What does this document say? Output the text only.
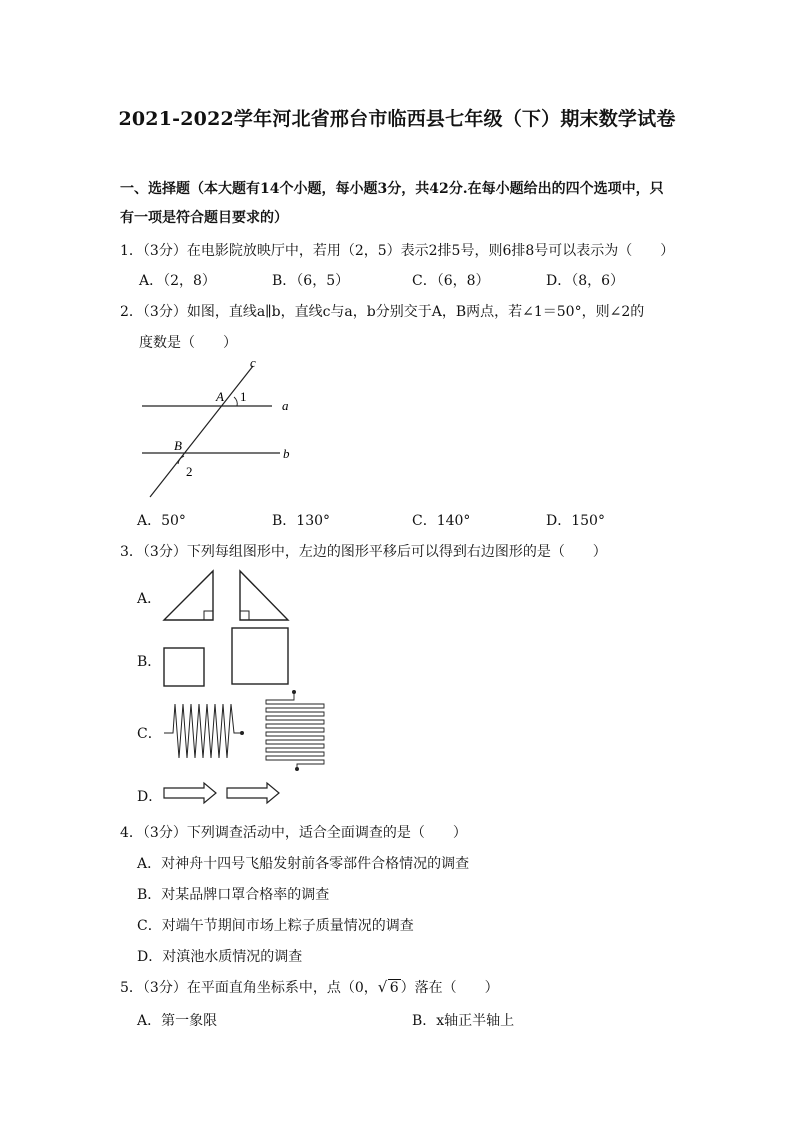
2021-2022学年河北省邢台市临西县七年级（下）期末数学试卷
一、选择题（本大题有14个小题，每小题3分，共42分.在每小题给出的四个选项中，只
有一项是符合题目要求的）
1．（3分）在电影院放映厅中，若用（2，5）表示2排5号，则6排8号可以表示为（　　）
A．（2，8）	B．（6，5）	C．（6，8）	D．（8，6）
2．（3分）如图，直线a∥b，直线c与a，b分别交于A，B两点，若∠1＝50°，则∠2的
度数是（　　）
c
A 1
a
B
2
b
A．50°	B．130°	C．140°	D．150°
3．（3分）下列每组图形中，左边的图形平移后可以得到右边图形的是（　　）
A．
B．
C．
D．
4．（3分）下列调查活动中，适合全面调查的是（　　）
A．对神舟十四号飞船发射前各零部件合格情况的调查
B．对某品牌口罩合格率的调查
C．对端午节期间市场上粽子质量情况的调查
D．对滇池水质情况的调查
5．（3分）在平面直角坐标系中，点（0， √ 6 ）落在（　　）
A．第一象限	B．x轴正半轴上
